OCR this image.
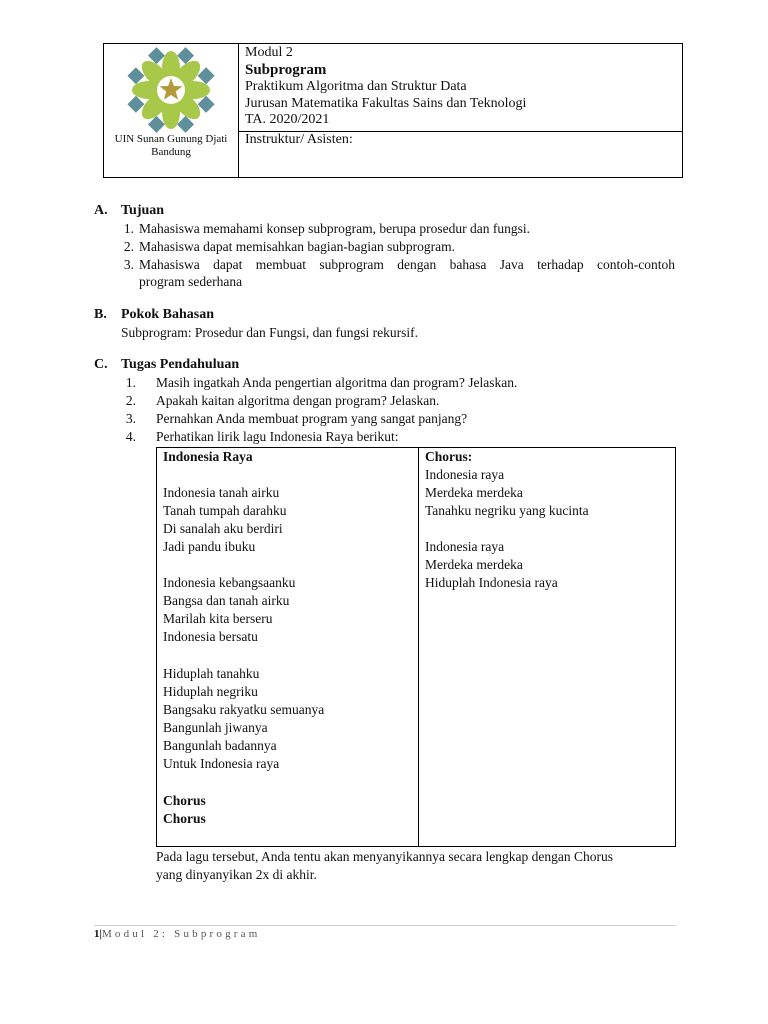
UIN Sunan Gunung Djati Bandung
Modul 2
Subprogram
Praktikum Algoritma dan Struktur Data
Jurusan Matematika Fakultas Sains dan Teknologi
TA. 2020/2021
Instruktur/ Asisten:
A. Tujuan
1. Mahasiswa memahami konsep subprogram, berupa prosedur dan fungsi.
2. Mahasiswa dapat memisahkan bagian-bagian subprogram.
3. Mahasiswa dapat membuat subprogram dengan bahasa Java terhadap contoh-contoh
program sederhana
B. Pokok Bahasan
Subprogram: Prosedur dan Fungsi, dan fungsi rekursif.
C. Tugas Pendahuluan
1. Masih ingatkah Anda pengertian algoritma dan program? Jelaskan.
2. Apakah kaitan algoritma dengan program? Jelaskan.
3. Pernahkan Anda membuat program yang sangat panjang?
4. Perhatikan lirik lagu Indonesia Raya berikut:
Indonesia Raya
Indonesia tanah airku
Tanah tumpah darahku
Di sanalah aku berdiri
Jadi pandu ibuku
Indonesia kebangsaanku
Bangsa dan tanah airku
Marilah kita berseru
Indonesia bersatu
Hiduplah tanahku
Hiduplah negriku
Bangsaku rakyatku semuanya
Bangunlah jiwanya
Bangunlah badannya
Untuk Indonesia raya
Chorus
Chorus
Chorus:
Indonesia raya
Merdeka merdeka
Tanahku negriku yang kucinta
Indonesia raya
Merdeka merdeka
Hiduplah Indonesia raya
Pada lagu tersebut, Anda tentu akan menyanyikannya secara lengkap dengan Chorus
yang dinyanyikan 2x di akhir.
1|Modul 2: Subprogram
